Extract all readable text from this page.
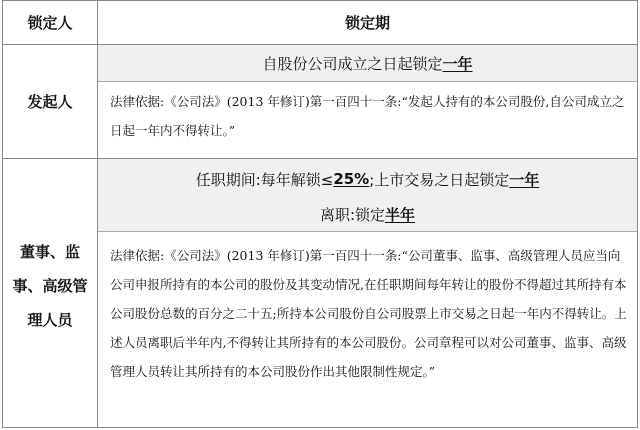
锁定人	锁定期
发起人
自股份公司成立之日起锁定 一年
法律依据:《公司法》(2013 年修订)第一百四十一条:“发起人持有的本公司股份,自公司成立之日起一年内不得转让。”
董事、监
事、高级管
理人员
任职期间:每年解锁≤ 25% ;上市交易之日起锁定 一年
离职:锁定 半年
法律依据:《公司法》(2013 年修订)第一百四十一条:“公司董事、监事、高级管理人员应当向公司申报所持有的本公司的股份及其变动情况,在任职期间每年转让的股份不得超过其所持有本公司股份总数的百分之二十五;所持本公司股份自公司股票上市交易之日起一年内不得转让。上述人员离职后半年内,不得转让其所持有的本公司股份。公司章程可以对公司董事、监事、高级管理人员转让其所持有的本公司股份作出其他限制性规定。”
